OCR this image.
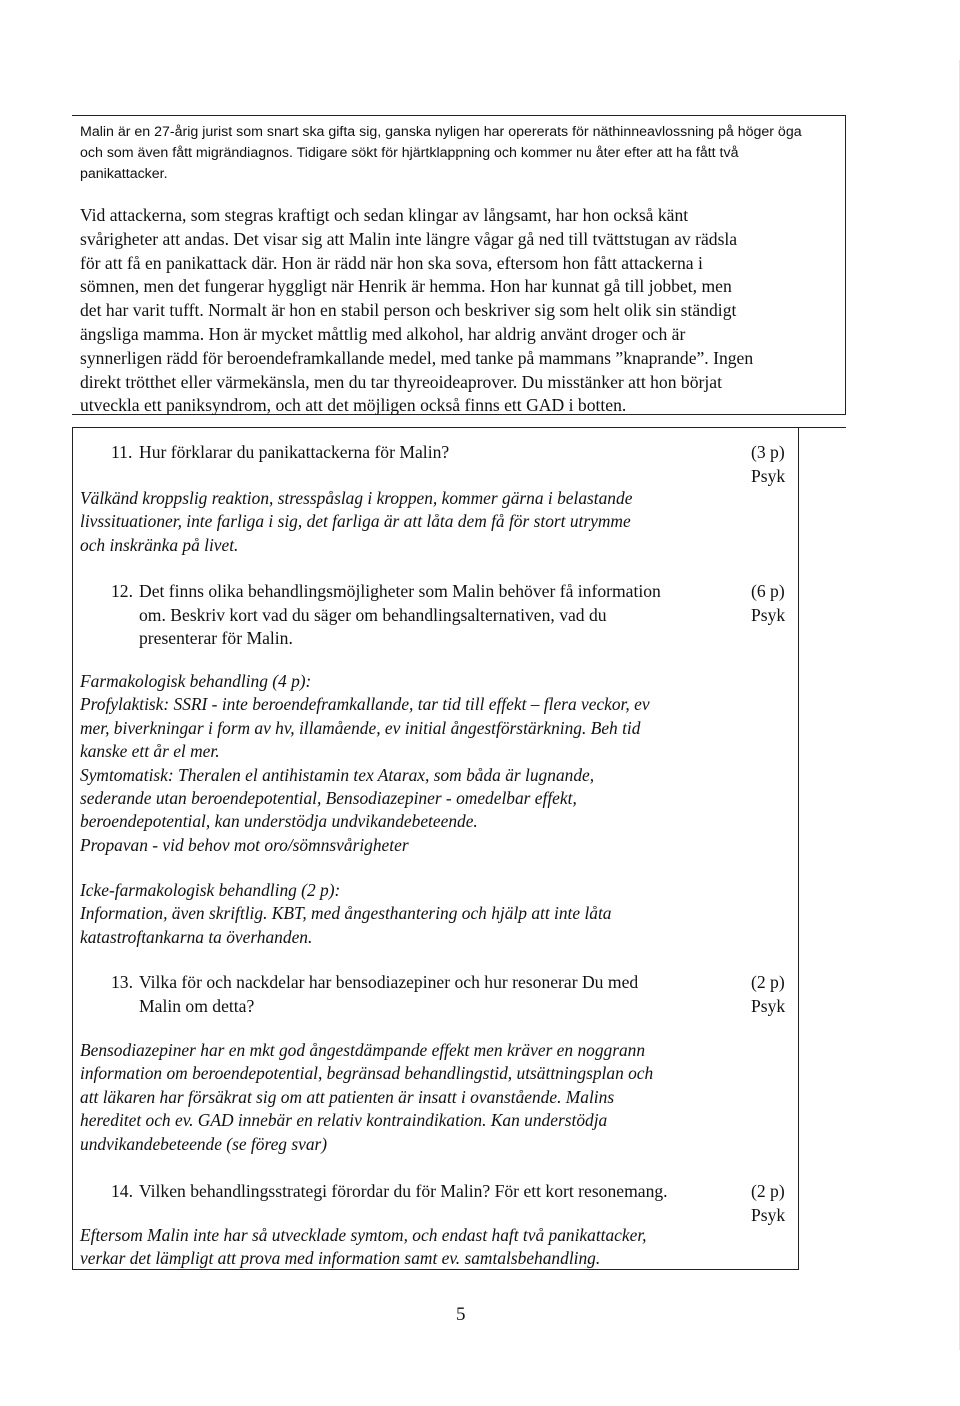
Malin är en 27-årig jurist som snart ska gifta sig, ganska nyligen har opererats för näthinneavlossning på höger öga
och som även fått migrändiagnos. Tidigare sökt för hjärtklappning och kommer nu åter efter att ha fått två
panikattacker.
Vid attackerna, som stegras kraftigt och sedan klingar av långsamt, har hon också känt
svårigheter att andas. Det visar sig att Malin inte längre vågar gå ned till tvättstugan av rädsla
för att få en panikattack där. Hon är rädd när hon ska sova, eftersom hon fått attackerna i
sömnen, men det fungerar hyggligt när Henrik är hemma. Hon har kunnat gå till jobbet, men
det har varit tufft. Normalt är hon en stabil person och beskriver sig som helt olik sin ständigt
ängsliga mamma. Hon är mycket måttlig med alkohol, har aldrig använt droger och är
synnerligen rädd för beroendeframkallande medel, med tanke på mammans ”knaprande”. Ingen
direkt trötthet eller värmekänsla, men du tar thyreoideaprover. Du misstänker att hon börjat
utveckla ett paniksyndrom, och att det möjligen också finns ett GAD i botten.
11. Hur förklarar du panikattackerna för Malin?	(3 p)
Psyk
Välkänd kroppslig reaktion, stresspåslag i kroppen, kommer gärna i belastande
livssituationer, inte farliga i sig, det farliga är att låta dem få för stort utrymme
och inskränka på livet.
12. Det finns olika behandlingsmöjligheter som Malin behöver få information
om. Beskriv kort vad du säger om behandlingsalternativen, vad du
presenterar för Malin.
(6 p)
Psyk
Farmakologisk behandling (4 p):
Profylaktisk: SSRI - inte beroendeframkallande, tar tid till effekt – flera veckor, ev
mer, biverkningar i form av hv, illamående, ev initial ångestförstärkning. Beh tid
kanske ett år el mer.
Symtomatisk: Theralen el antihistamin tex Atarax, som båda är lugnande,
sederande utan beroendepotential, Bensodiazepiner - omedelbar effekt,
beroendepotential, kan understödja undvikandebeteende.
Propavan - vid behov mot oro/sömnsvårigheter
Icke-farmakologisk behandling (2 p):
Information, även skriftlig. KBT, med ångesthantering och hjälp att inte låta
katastroftankarna ta överhanden.
13. Vilka för och nackdelar har bensodiazepiner och hur resonerar Du med
Malin om detta?
(2 p)
Psyk
Bensodiazepiner har en mkt god ångestdämpande effekt men kräver en noggrann
information om beroendepotential, begränsad behandlingstid, utsättningsplan och
att läkaren har försäkrat sig om att patienten är insatt i ovanstående. Malins
hereditet och ev. GAD innebär en relativ kontraindikation. Kan understödja
undvikandebeteende (se föreg svar)
14. Vilken behandlingsstrategi förordar du för Malin? För ett kort resonemang.	(2 p)
Psyk
Eftersom Malin inte har så utvecklade symtom, och endast haft två panikattacker,
verkar det lämpligt att prova med information samt ev. samtalsbehandling.
5
